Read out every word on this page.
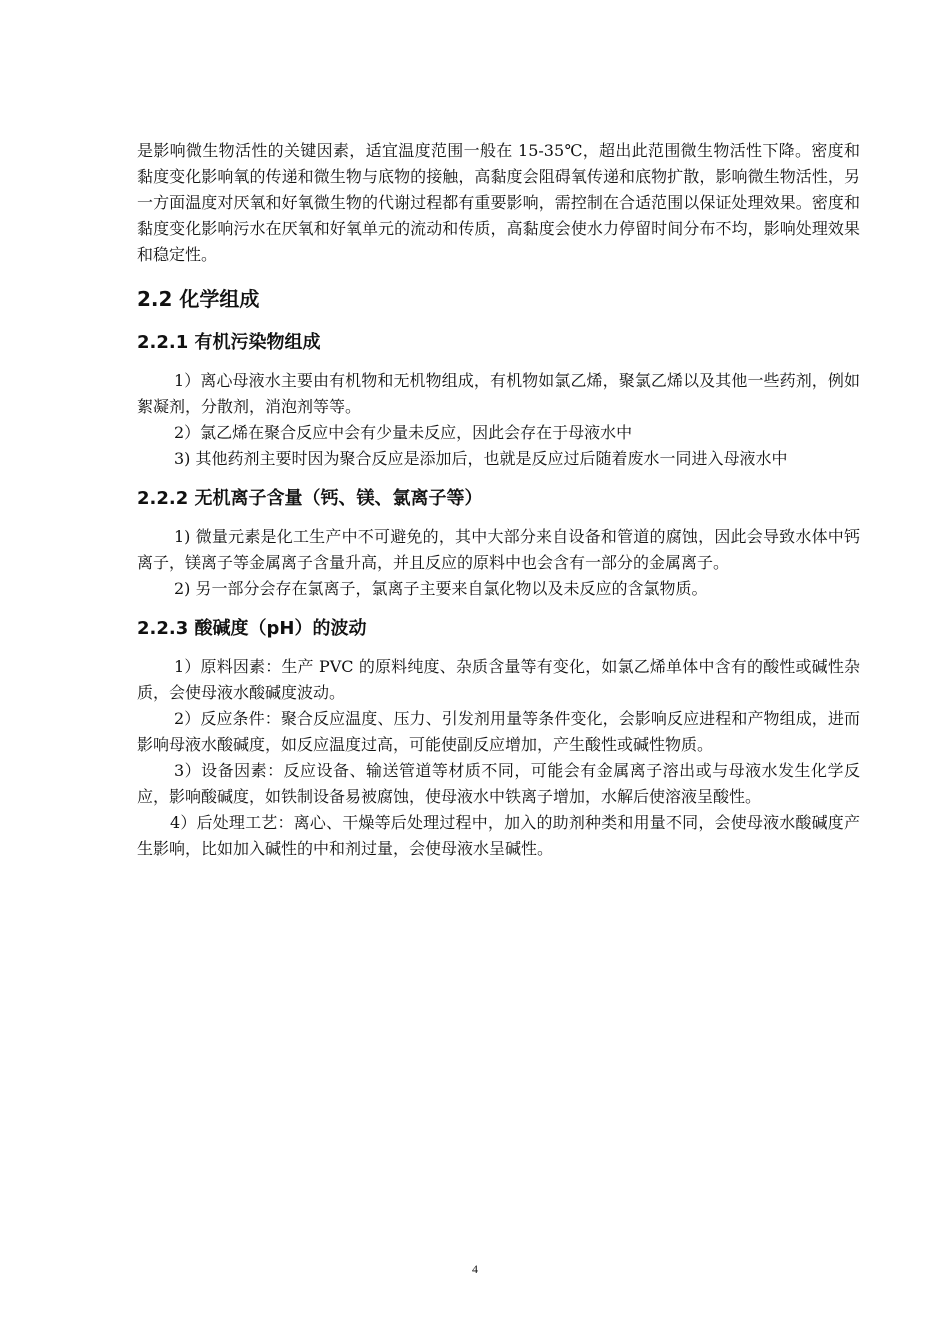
是影响微生物活性的关键因素，适宜温度范围一般在 15-35℃，超出此范围微生物活性下降。密度和黏度变化影响氧的传递和微生物与底物的接触，高黏度会阻碍氧传递和底物扩散，影响微生物活性，另一方面温度对厌氧和好氧微生物的代谢过程都有重要影响，需控制在合适范围以保证处理效果。密度和黏度变化影响污水在厌氧和好氧单元的流动和传质，高黏度会使水力停留时间分布不均，影响处理效果和稳定性。

2.2 化学组成
2.2.1 有机污染物组成

1）离心母液水主要由有机物和无机物组成，有机物如氯乙烯，聚氯乙烯以及其他一些药剂，例如絮凝剂，分散剂，消泡剂等等。

2）氯乙烯在聚合反应中会有少量未反应，因此会存在于母液水中

3) 其他药剂主要时因为聚合反应是添加后，也就是反应过后随着废水一同进入母液水中

2.2.2 无机离子含量（钙、镁、氯离子等）

1) 微量元素是化工生产中不可避免的，其中大部分来自设备和管道的腐蚀，因此会导致水体中钙离子，镁离子等金属离子含量升高，并且反应的原料中也会含有一部分的金属离子。

2) 另一部分会存在氯离子，氯离子主要来自氯化物以及未反应的含氯物质。

2.2.3 酸碱度（pH）的波动

1）原料因素：生产 PVC 的原料纯度、杂质含量等有变化，如氯乙烯单体中含有的酸性或碱性杂质，会使母液水酸碱度波动。

2）反应条件：聚合反应温度、压力、引发剂用量等条件变化，会影响反应进程和产物组成，进而影响母液水酸碱度，如反应温度过高，可能使副反应增加，产生酸性或碱性物质。

3）设备因素：反应设备、输送管道等材质不同，可能会有金属离子溶出或与母液水发生化学反应，影响酸碱度，如铁制设备易被腐蚀，使母液水中铁离子增加，水解后使溶液呈酸性。

4）后处理工艺：离心、干燥等后处理过程中，加入的助剂种类和用量不同，会使母液水酸碱度产生影响，比如加入碱性的中和剂过量，会使母液水呈碱性。

4
